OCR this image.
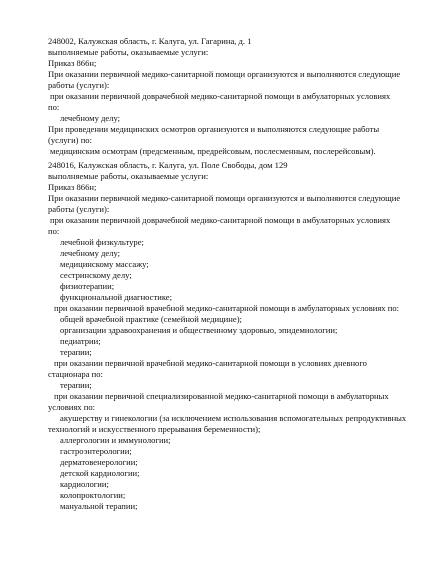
248002, Калужская область, г. Калуга, ул. Гагарина, д. 1
выполняемые работы, оказываемые услуги:
Приказ 866н;
При оказании первичной медико-санитарной помощи организуются и выполняются следующие
работы (услуги):
при оказании первичной доврачебной медико-санитарной помощи в амбулаторных условиях
по:
лечебному делу;
При проведении медицинских осмотров организуются и выполняются следующие работы
(услуги) по:
медицинским осмотрам (предсменным, предрейсовым, послесменным, послерейсовым).
248016, Калужская область, г. Калуга, ул. Поле Свободы, дом 129
выполняемые работы, оказываемые услуги:
Приказ 866н;
При оказании первичной медико-санитарной помощи организуются и выполняются следующие
работы (услуги):
при оказании первичной доврачебной медико-санитарной помощи в амбулаторных условиях
по:
лечебной физкультуре;
лечебному делу;
медицинскому массажу;
сестринскому делу;
физиотерапии;
функциональной диагностике;
при оказании первичной врачебной медико-санитарной помощи в амбулаторных условиях по:
общей врачебной практике (семейной медицине);
организации здравоохранения и общественному здоровью, эпидемиологии;
педиатрии;
терапии;
при оказании первичной врачебной медико-санитарной помощи в условиях дневного
стационара по:
терапии;
при оказании первичной специализированной медико-санитарной помощи в амбулаторных
условиях по:
акушерству и гинекологии (за исключением использования вспомогательных репродуктивных
технологий и искусственного прерывания беременности);
аллергологии и иммунологии;
гастроэнтерологии;
дерматовенерологии;
детской кардиологии;
кардиологии;
колопроктологии;
мануальной терапии;
